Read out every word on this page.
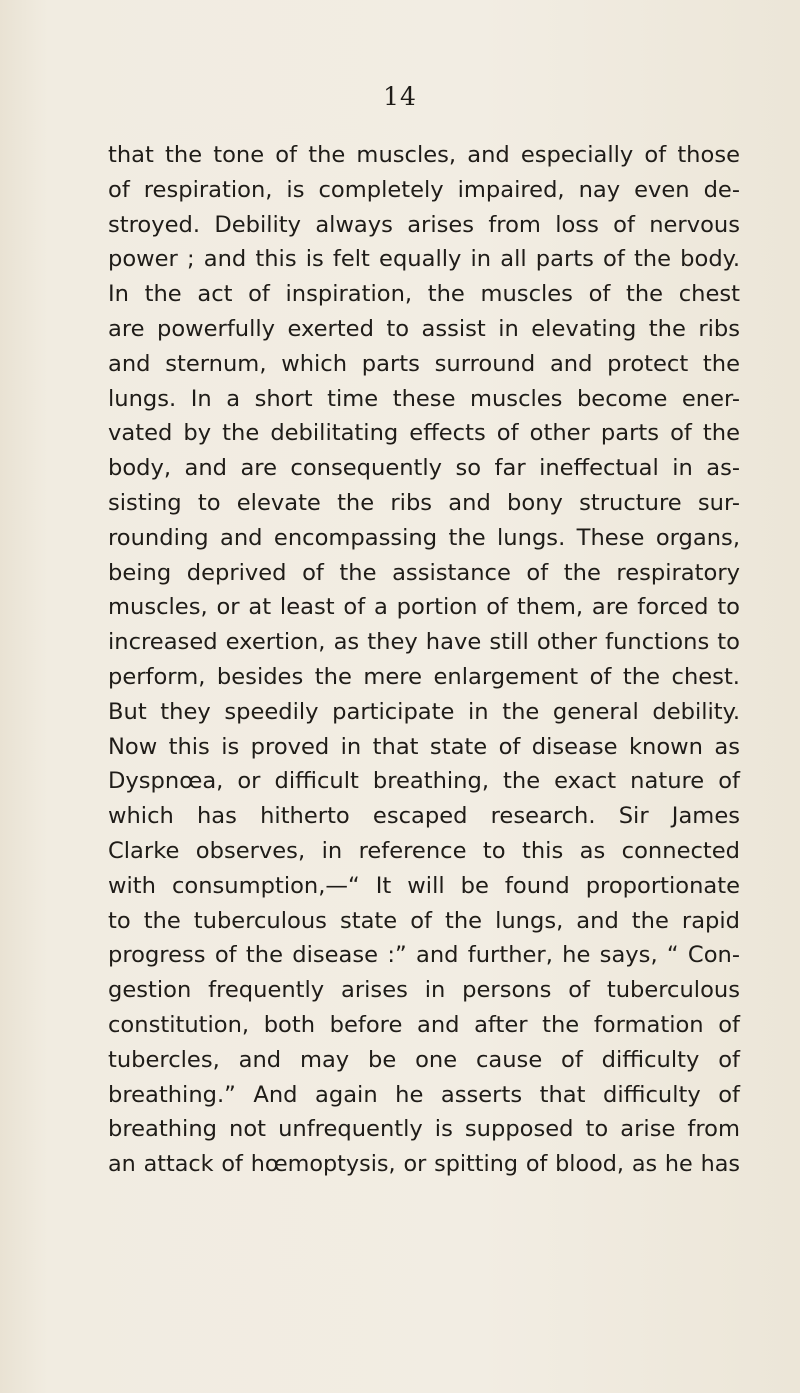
14
that the tone of the muscles, and especially of those
of respiration, is completely impaired, nay even de-
stroyed. Debility always arises from loss of nervous
power ; and this is felt equally in all parts of the body.
In the act of inspiration, the muscles of the chest
are powerfully exerted to assist in elevating the ribs
and sternum, which parts surround and protect the
lungs. In a short time these muscles become ener-
vated by the debilitating effects of other parts of the
body, and are consequently so far ineffectual in as-
sisting to elevate the ribs and bony structure sur-
rounding and encompassing the lungs. These organs,
being deprived of the assistance of the respiratory
muscles, or at least of a portion of them, are forced to
increased exertion, as they have still other functions to
perform, besides the mere enlargement of the chest.
But they speedily participate in the general debility.
Now this is proved in that state of disease known as
Dyspnœa, or difficult breathing, the exact nature of
which has hitherto escaped research. Sir James
Clarke observes, in reference to this as connected
with consumption,—“ It will be found proportionate
to the tuberculous state of the lungs, and the rapid
progress of the disease :” and further, he says, “ Con-
gestion frequently arises in persons of tuberculous
constitution, both before and after the formation of
tubercles, and may be one cause of difficulty of
breathing.” And again he asserts that difficulty of
breathing not unfrequently is supposed to arise from
an attack of hœmoptysis, or spitting of blood, as he has
